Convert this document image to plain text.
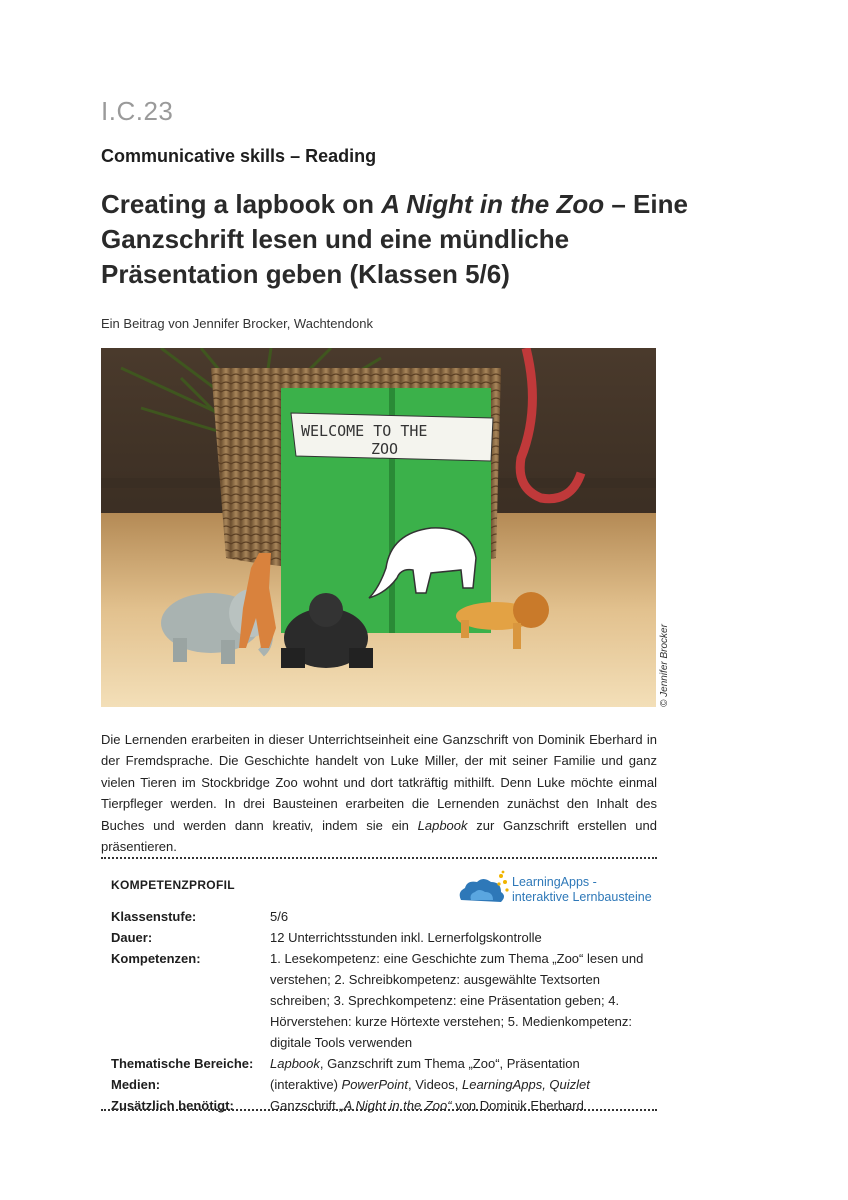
I.C.23
Communicative skills – Reading
Creating a lapbook on A Night in the Zoo – Eine Ganzschrift lesen und eine mündliche Präsentation geben (Klassen 5/6)
Ein Beitrag von Jennifer Brocker, Wachtendonk
WELCOME TO THE
ZOO
© Jennifer Brocker
Die Lernenden erarbeiten in dieser Unterrichtseinheit eine Ganzschrift von Dominik Eberhard in der Fremdsprache. Die Geschichte handelt von Luke Miller, der mit seiner Familie und ganz vielen Tieren im Stockbridge Zoo wohnt und dort tatkräftig mithilft. Denn Luke möchte einmal Tierpfleger werden. In drei Bausteinen erarbeiten die Lernenden zunächst den Inhalt des Buches und werden dann kreativ, indem sie ein Lapbook zur Ganzschrift erstellen und präsentieren.
KOMPETENZPROFIL	LearningApps -
interaktive Lernbausteine
Klassenstufe:	5/6
Dauer:	12 Unterrichtsstunden inkl. Lernerfolgskontrolle
Kompetenzen:	1. Lesekompetenz: eine Geschichte zum Thema „Zoo“ lesen und verstehen; 2. Schreibkompetenz: ausgewählte Textsorten schreiben; 3. Sprechkompetenz: eine Präsentation geben; 4. Hörverstehen: kurze Hörtexte verstehen; 5. Medienkompetenz: digitale Tools verwenden
Thematische Bereiche:	Lapbook, Ganzschrift zum Thema „Zoo“, Präsentation
Medien:	(interaktive) PowerPoint, Videos, LearningApps, Quizlet
Zusätzlich benötigt:	Ganzschrift „A Night in the Zoo“ von Dominik Eberhard
